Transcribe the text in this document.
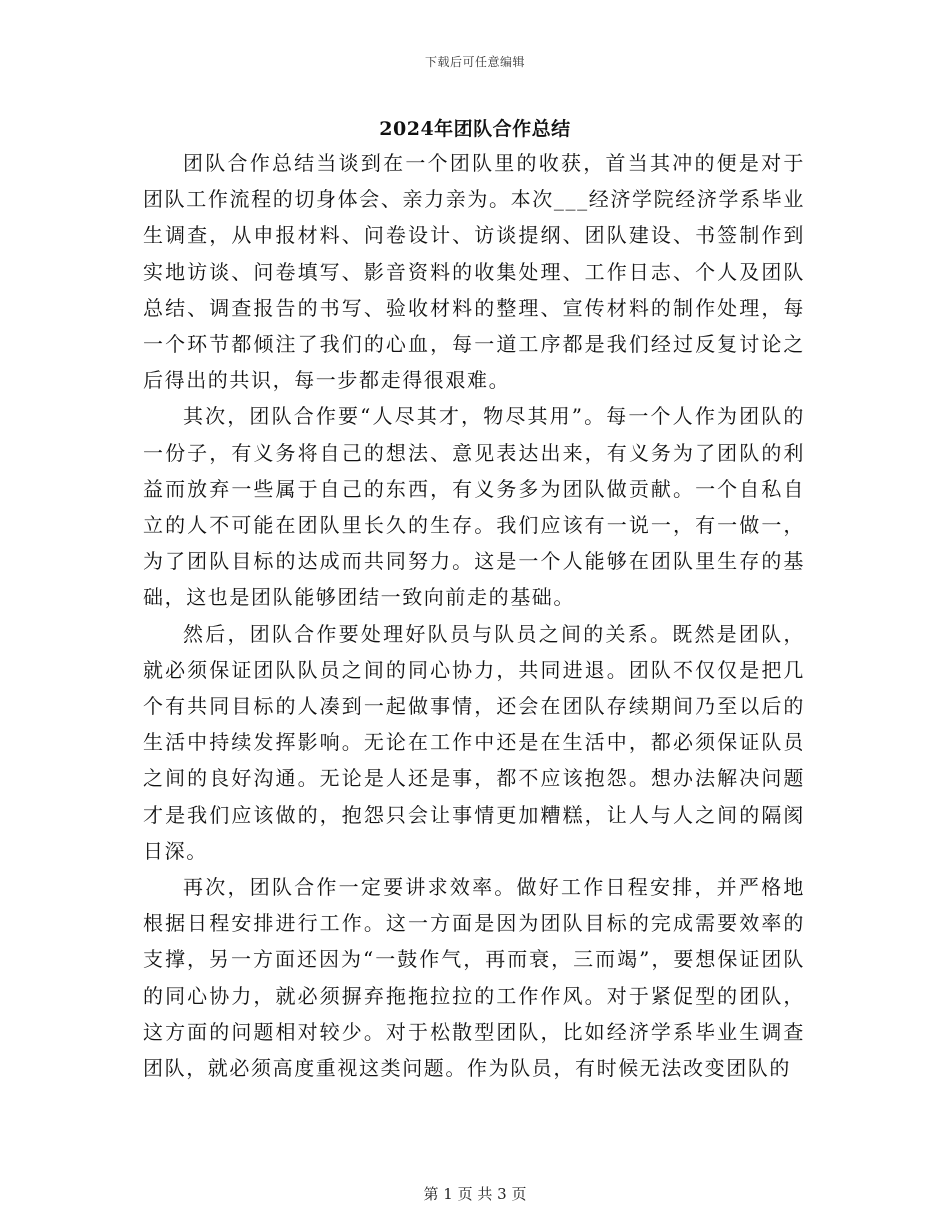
下载后可任意编辑
2024年团队合作总结

团队合作总结当谈到在一个团队里的收获，首当其冲的便是对于团队工作流程的切身体会、亲力亲为。本次___经济学院经济学系毕业生调查，从申报材料、问卷设计、访谈提纲、团队建设、书签制作到实地访谈、问卷填写、影音资料的收集处理、工作日志、个人及团队总结、调查报告的书写、验收材料的整理、宣传材料的制作处理，每一个环节都倾注了我们的心血，每一道工序都是我们经过反复讨论之后得出的共识，每一步都走得很艰难。

其次，团队合作要“人尽其才，物尽其用”。每一个人作为团队的一份子，有义务将自己的想法、意见表达出来，有义务为了团队的利益而放弃一些属于自己的东西，有义务多为团队做贡献。一个自私自立的人不可能在团队里长久的生存。我们应该有一说一，有一做一，为了团队目标的达成而共同努力。这是一个人能够在团队里生存的基础，这也是团队能够团结一致向前走的基础。

然后，团队合作要处理好队员与队员之间的关系。既然是团队，就必须保证团队队员之间的同心协力，共同进退。团队不仅仅是把几个有共同目标的人凑到一起做事情，还会在团队存续期间乃至以后的生活中持续发挥影响。无论在工作中还是在生活中，都必须保证队员之间的良好沟通。无论是人还是事，都不应该抱怨。想办法解决问题才是我们应该做的，抱怨只会让事情更加糟糕，让人与人之间的隔阂日深。

再次，团队合作一定要讲求效率。做好工作日程安排，并严格地根据日程安排进行工作。这一方面是因为团队目标的完成需要效率的支撑，另一方面还因为“一鼓作气，再而衰，三而竭”，要想保证团队的同心协力，就必须摒弃拖拖拉拉的工作作风。对于紧促型的团队，这方面的问题相对较少。对于松散型团队，比如经济学系毕业生调查团队，就必须高度重视这类问题。作为队员，有时候无法改变团队的

第 1 页 共 3 页
